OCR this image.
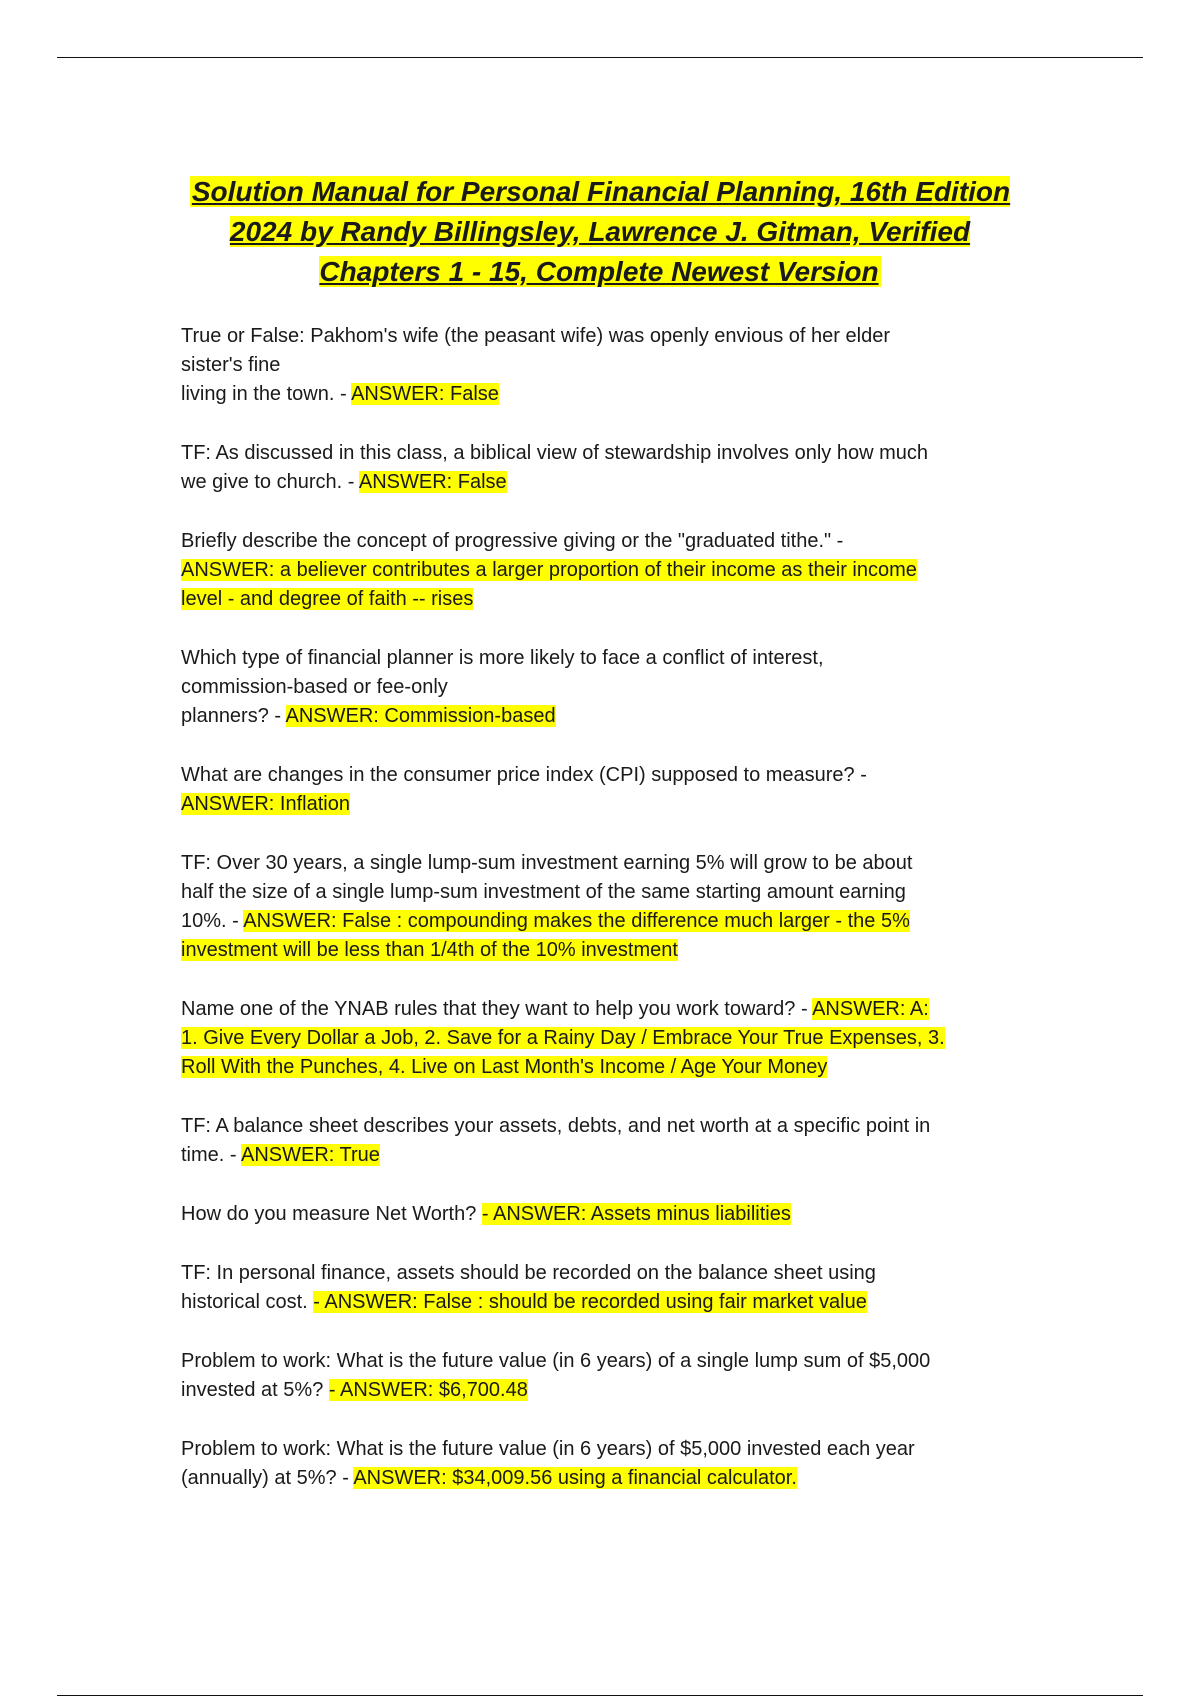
Solution Manual for Personal Financial Planning, 16th Edition 2024 by Randy Billingsley, Lawrence J. Gitman, Verified Chapters 1 - 15, Complete Newest Version
True or False: Pakhom's wife (the peasant wife) was openly envious of her elder
sister's fine
living in the town. - ANSWER: False
TF: As discussed in this class, a biblical view of stewardship involves only how much
we give to church. - ANSWER: False
Briefly describe the concept of progressive giving or the "graduated tithe." -
ANSWER: a believer contributes a larger proportion of their income as their income
level - and degree of faith -- rises
Which type of financial planner is more likely to face a conflict of interest,
commission-based or fee-only
planners? - ANSWER: Commission-based
What are changes in the consumer price index (CPI) supposed to measure? -
ANSWER: Inflation
TF: Over 30 years, a single lump-sum investment earning 5% will grow to be about
half the size of a single lump-sum investment of the same starting amount earning
10%. - ANSWER: False : compounding makes the difference much larger - the 5%
investment will be less than 1/4th of the 10% investment
Name one of the YNAB rules that they want to help you work toward? - ANSWER: A:
1. Give Every Dollar a Job, 2. Save for a Rainy Day / Embrace Your True Expenses, 3.
Roll With the Punches, 4. Live on Last Month's Income / Age Your Money
TF: A balance sheet describes your assets, debts, and net worth at a specific point in
time. - ANSWER: True
How do you measure Net Worth? - ANSWER: Assets minus liabilities
TF: In personal finance, assets should be recorded on the balance sheet using
historical cost. - ANSWER: False : should be recorded using fair market value
Problem to work: What is the future value (in 6 years) of a single lump sum of $5,000
invested at 5%? - ANSWER: $6,700.48
Problem to work: What is the future value (in 6 years) of $5,000 invested each year
(annually) at 5%? - ANSWER: $34,009.56 using a financial calculator.
